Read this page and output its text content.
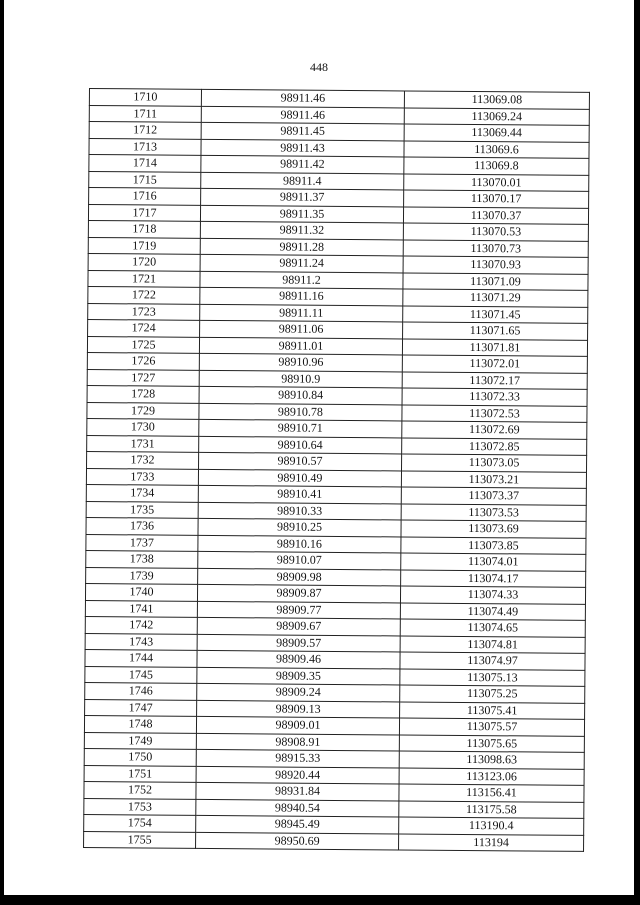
448
1710	98911.46	113069.08
1711	98911.46	113069.24
1712	98911.45	113069.44
1713	98911.43	113069.6
1714	98911.42	113069.8
1715	98911.4	113070.01
1716	98911.37	113070.17
1717	98911.35	113070.37
1718	98911.32	113070.53
1719	98911.28	113070.73
1720	98911.24	113070.93
1721	98911.2	113071.09
1722	98911.16	113071.29
1723	98911.11	113071.45
1724	98911.06	113071.65
1725	98911.01	113071.81
1726	98910.96	113072.01
1727	98910.9	113072.17
1728	98910.84	113072.33
1729	98910.78	113072.53
1730	98910.71	113072.69
1731	98910.64	113072.85
1732	98910.57	113073.05
1733	98910.49	113073.21
1734	98910.41	113073.37
1735	98910.33	113073.53
1736	98910.25	113073.69
1737	98910.16	113073.85
1738	98910.07	113074.01
1739	98909.98	113074.17
1740	98909.87	113074.33
1741	98909.77	113074.49
1742	98909.67	113074.65
1743	98909.57	113074.81
1744	98909.46	113074.97
1745	98909.35	113075.13
1746	98909.24	113075.25
1747	98909.13	113075.41
1748	98909.01	113075.57
1749	98908.91	113075.65
1750	98915.33	113098.63
1751	98920.44	113123.06
1752	98931.84	113156.41
1753	98940.54	113175.58
1754	98945.49	113190.4
1755	98950.69	113194
